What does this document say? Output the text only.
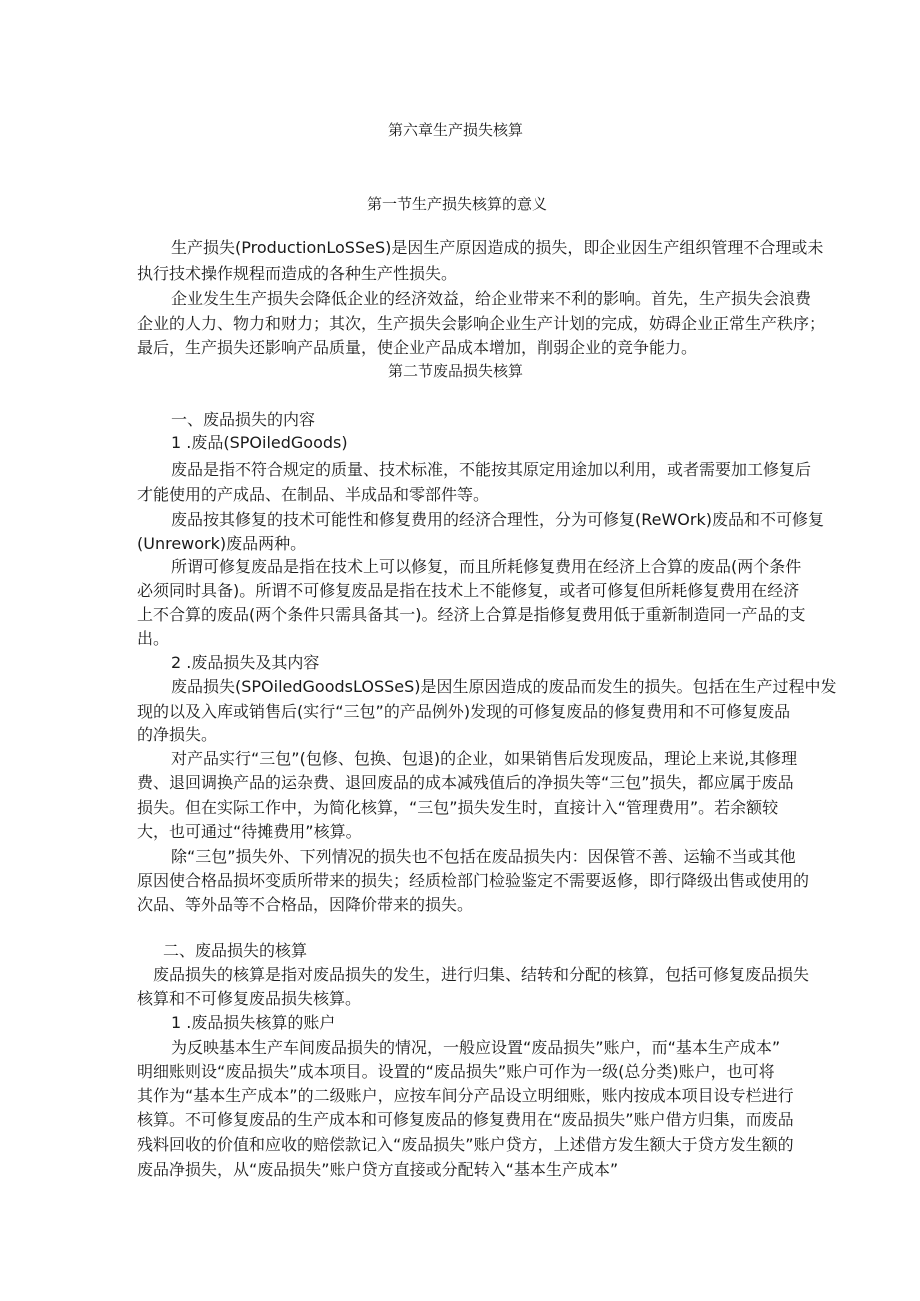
第六章生产损失核算
第一节生产损失核算的意义
生产损失(ProductionLoSSeS)是因生产原因造成的损失，即企业因生产组织管理不合理或未
执行技术操作规程而造成的各种生产性损失。
企业发生生产损失会降低企业的经济效益，给企业带来不利的影响。首先，生产损失会浪费
企业的人力、物力和财力；其次，生产损失会影响企业生产计划的完成，妨碍企业正常生产秩序；
最后，生产损失还影响产品质量，使企业产品成本增加，削弱企业的竞争能力。
第二节废品损失核算
一、废品损失的内容
1 .废品(SPOiledGoods)
废品是指不符合规定的质量、技术标准，不能按其原定用途加以利用，或者需要加工修复后
才能使用的产成品、在制品、半成品和零部件等。
废品按其修复的技术可能性和修复费用的经济合理性，分为可修复(ReWOrk)废品和不可修复
(Unrework)废品两种。
所谓可修复废品是指在技术上可以修复，而且所耗修复费用在经济上合算的废品(两个条件
必须同时具备)。所谓不可修复废品是指在技术上不能修复，或者可修复但所耗修复费用在经济
上不合算的废品(两个条件只需具备其一)。经济上合算是指修复费用低于重新制造同一产品的支
出。
2 .废品损失及其内容
废品损失(SPOiledGoodsLOSSeS)是因生原因造成的废品而发生的损失。包括在生产过程中发
现的以及入库或销售后(实行“三包”的产品例外)发现的可修复废品的修复费用和不可修复废品
的净损失。
对产品实行“三包”(包修、包换、包退)的企业，如果销售后发现废品，理论上来说,其修理
费、退回调换产品的运杂费、退回废品的成本减残值后的净损失等“三包”损失，都应属于废品
损失。但在实际工作中，为简化核算，“三包”损失发生时，直接计入“管理费用”。若余额较
大，也可通过“待摊费用”核算。
除“三包”损失外、下列情况的损失也不包括在废品损失内：因保管不善、运输不当或其他
原因使合格品损坏变质所带来的损失；经质检部门检验鉴定不需要返修，即行降级出售或使用的
次品、等外品等不合格品，因降价带来的损失。
二、废品损失的核算
废品损失的核算是指对废品损失的发生，进行归集、结转和分配的核算，包括可修复废品损失
核算和不可修复废品损失核算。
1 .废品损失核算的账户
为反映基本生产车间废品损失的情况，一般应设置“废品损失”账户，而“基本生产成本”
明细账则设“废品损失”成本项目。设置的“废品损失”账户可作为一级(总分类)账户，也可将
其作为“基本生产成本”的二级账户，应按车间分产品设立明细账，账内按成本项目设专栏进行
核算。不可修复废品的生产成本和可修复废品的修复费用在“废品损失”账户借方归集，而废品
残料回收的价值和应收的赔偿款记入“废品损失”账户贷方，上述借方发生额大于贷方发生额的
废品净损失，从“废品损失”账户贷方直接或分配转入“基本生产成本”
